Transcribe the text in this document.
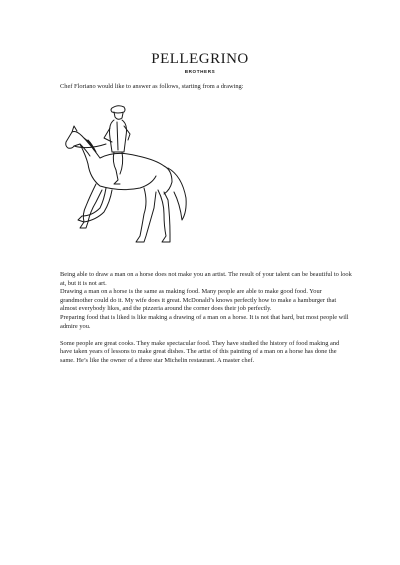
PELLEGRINO
BROTHERS
Chef Floriano would like to answer as follows, starting from a drawing:

Being able to draw a man on a horse does not make you an artist. The result of your talent can be beautiful to look at, but it is not art.

Drawing a man on a horse is the same as making food. Many people are able to make good food. Your grandmother could do it. My wife does it great. McDonald’s knows perfectly how to make a hamburger that almost everybody likes, and the pizzeria around the corner does their job perfectly.

Preparing food that is liked is like making a drawing of a man on a horse. It is not that hard, but most people will admire you.

Some people are great cooks. They make spectacular food. They have studied the history of food making and have taken years of lessons to make great dishes. The artist of this painting of a man on a horse has done the same. He’s like the owner of a three star Michelin restaurant. A master chef.
